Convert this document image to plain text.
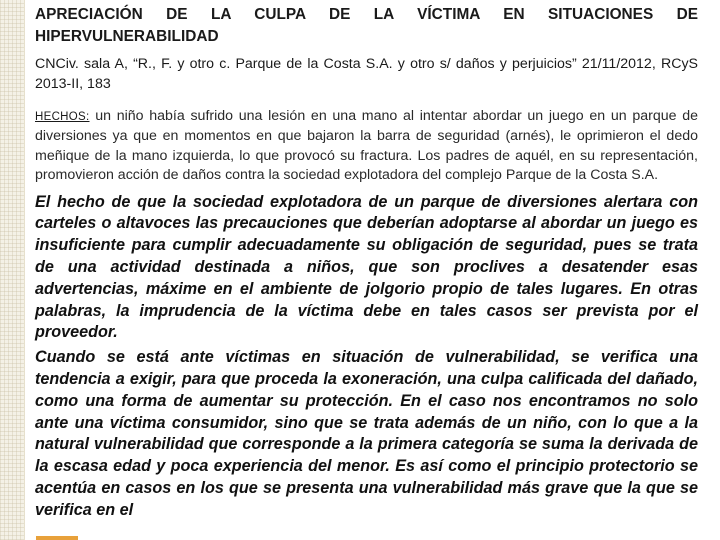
APRECIACIÓN DE LA CULPA DE LA VÍCTIMA EN SITUACIONES DE HIPERVULNERABILIDAD
CNCiv. sala A, “R., F. y otro c. Parque de la Costa S.A. y otro s/ daños y perjuicios” 21/11/2012, RCyS 2013-II, 183
HECHOS: un niño había sufrido una lesión en una mano al intentar abordar un juego en un parque de diversiones ya que en momentos en que bajaron la barra de seguridad (arnés), le oprimieron el dedo meñique de la mano izquierda, lo que provocó su fractura. Los padres de aquél, en su representación, promovieron acción de daños contra la sociedad explotadora del complejo Parque de la Costa S.A.
El hecho de que la sociedad explotadora de un parque de diversiones alertara con carteles o altavoces las precauciones que deberían adoptarse al abordar un juego es insuficiente para cumplir adecuadamente su obligación de seguridad, pues se trata de una actividad destinada a niños, que son proclives a desatender esas advertencias, máxime en el ambiente de jolgorio propio de tales lugares. En otras palabras, la imprudencia de la víctima debe en tales casos ser prevista por el proveedor.
Cuando se está ante víctimas en situación de vulnerabilidad, se verifica una tendencia a exigir, para que proceda la exoneración, una culpa calificada del dañado, como una forma de aumentar su protección. En el caso nos encontramos no solo ante una víctima consumidor, sino que se trata además de un niño, con lo que a la natural vulnerabilidad que corresponde a la primera categoría se suma la derivada de la escasa edad y poca experiencia del menor. Es así como el principio protectorio se acentúa en casos en los que se presenta una vulnerabilidad más grave que la que se verifica en el
